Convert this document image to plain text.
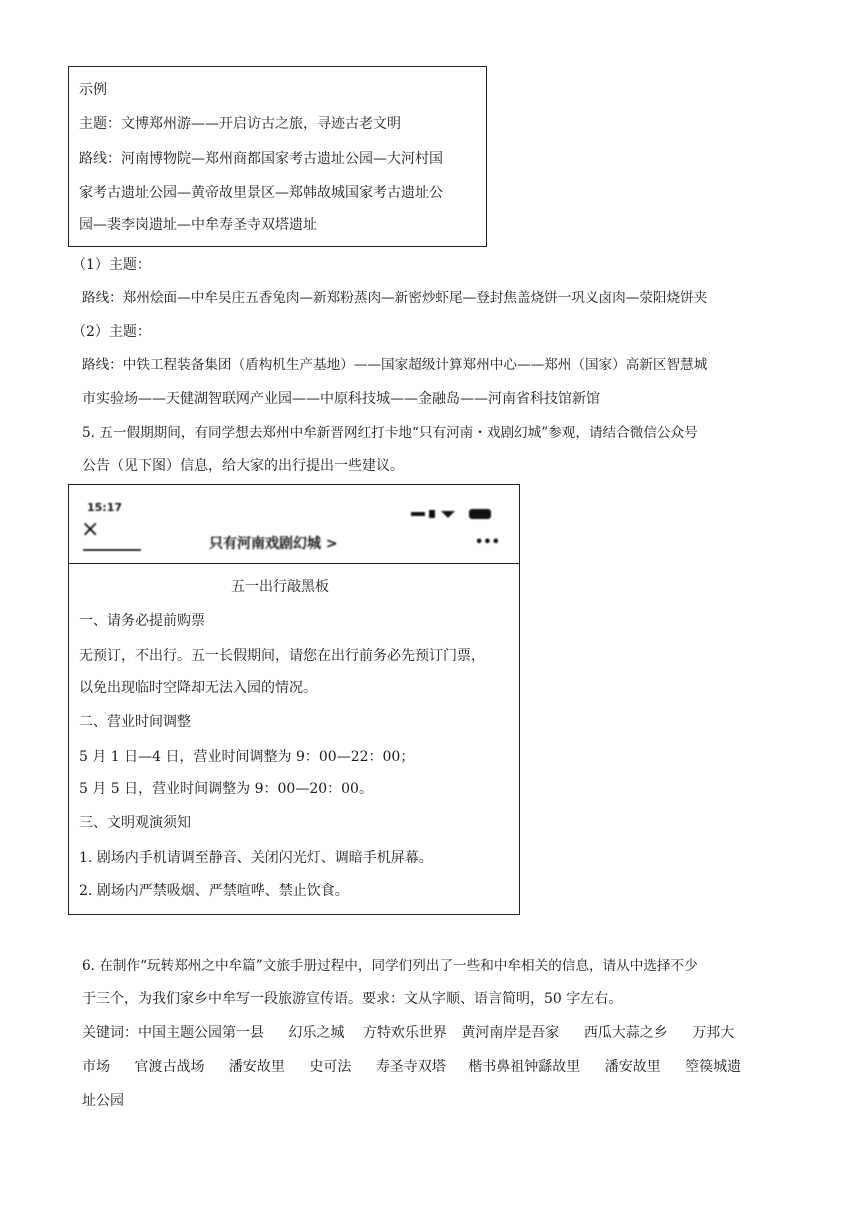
示例
主题：文博郑州游——开启访古之旅，寻迹古老文明
路线：河南博物院—郑州商都国家考古遗址公园—大河村国
家考古遗址公园—黄帝故里景区—郑韩故城国家考古遗址公
园—裴李岗遗址—中牟寿圣寺双塔遗址
（1）主题：
路线：郑州烩面—中牟吴庄五香兔肉—新郑粉蒸肉—新密炒虾尾—登封焦盖烧饼一巩义卤肉—荥阳烧饼夹
（2）主题：
路线：中铁工程装备集团（盾构机生产基地）——国家超级计算郑州中心——郑州（国家）高新区智慧城
市实验场——天健湖智联网产业园——中原科技城——金融岛——河南省科技馆新馆
5. 五一假期期间，有同学想去郑州中牟新晋网红打卡地“只有河南・戏剧幻城”参观，请结合微信公众号
公告（见下图）信息，给大家的出行提出一些建议。
15:17
×
只有河南戏剧幻城 >	•••
五一出行敲黑板
一、请务必提前购票
无预订，不出行。五一长假期间，请您在出行前务必先预订门票，
以免出现临时空降却无法入园的情况。
二、营业时间调整
5 月 1 日—4 日，营业时间调整为 9：00—22：00；
5 月 5 日，营业时间调整为 9：00—20：00。
三、文明观演须知
1. 剧场内手机请调至静音、关闭闪光灯、调暗手机屏幕。
2. 剧场内严禁吸烟、严禁喧哗、禁止饮食。
6. 在制作“玩转郑州之中牟篇”文旅手册过程中，同学们列出了一些和中牟相关的信息，请从中选择不少
于三个，为我们家乡中牟写一段旅游宣传语。要求：文从字顺、语言简明，50 字左右。
关键词：中国主题公园第一县 幻乐之城 方特欢乐世界 黄河南岸是吾家 西瓜大蒜之乡 万邦大
市场 官渡古战场 潘安故里 史可法 寿圣寺双塔 楷书鼻祖钟繇故里 潘安故里 箜篌城遗
址公园
